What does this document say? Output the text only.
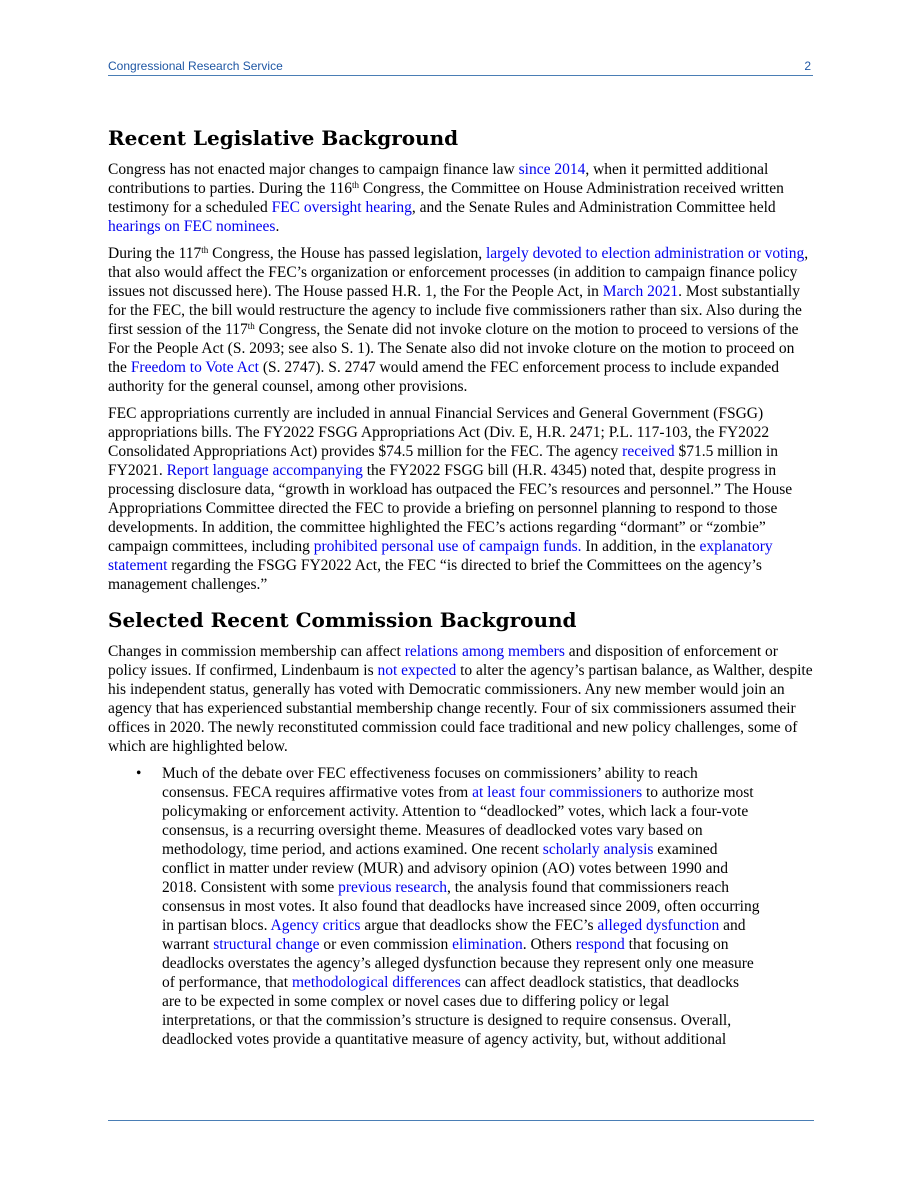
Congressional Research Service	2
Recent Legislative Background

Congress has not enacted major changes to campaign finance law since 2014, when it permitted additional contributions to parties. During the 116th Congress, the Committee on House Administration received written testimony for a scheduled FEC oversight hearing, and the Senate Rules and Administration Committee held hearings on FEC nominees.

During the 117th Congress, the House has passed legislation, largely devoted to election administration or voting, that also would affect the FEC’s organization or enforcement processes (in addition to campaign finance policy issues not discussed here). The House passed H.R. 1, the For the People Act, in March 2021. Most substantially for the FEC, the bill would restructure the agency to include five commissioners rather than six. Also during the first session of the 117th Congress, the Senate did not invoke cloture on the motion to proceed to versions of the For the People Act (S. 2093; see also S. 1). The Senate also did not invoke cloture on the motion to proceed on the Freedom to Vote Act (S. 2747). S. 2747 would amend the FEC enforcement process to include expanded authority for the general counsel, among other provisions.

FEC appropriations currently are included in annual Financial Services and General Government (FSGG) appropriations bills. The FY2022 FSGG Appropriations Act (Div. E, H.R. 2471; P.L. 117-103, the FY2022 Consolidated Appropriations Act) provides $74.5 million for the FEC. The agency received $71.5 million in FY2021. Report language accompanying the FY2022 FSGG bill (H.R. 4345) noted that, despite progress in processing disclosure data, “growth in workload has outpaced the FEC’s resources and personnel.” The House Appropriations Committee directed the FEC to provide a briefing on personnel planning to respond to those developments. In addition, the committee highlighted the FEC’s actions regarding “dormant” or “zombie” campaign committees, including prohibited personal use of campaign funds. In addition, in the explanatory statement regarding the FSGG FY2022 Act, the FEC “is directed to brief the Committees on the agency’s management challenges.”

Selected Recent Commission Background

Changes in commission membership can affect relations among members and disposition of enforcement or policy issues. If confirmed, Lindenbaum is not expected to alter the agency’s partisan balance, as Walther, despite his independent status, generally has voted with Democratic commissioners. Any new member would join an agency that has experienced substantial membership change recently. Four of six commissioners assumed their offices in 2020. The newly reconstituted commission could face traditional and new policy challenges, some of which are highlighted below.

• Much of the debate over FEC effectiveness focuses on commissioners’ ability to reach consensus. FECA requires affirmative votes from at least four commissioners to authorize most policymaking or enforcement activity. Attention to “deadlocked” votes, which lack a four-vote consensus, is a recurring oversight theme. Measures of deadlocked votes vary based on methodology, time period, and actions examined. One recent scholarly analysis examined conflict in matter under review (MUR) and advisory opinion (AO) votes between 1990 and 2018. Consistent with some previous research, the analysis found that commissioners reach consensus in most votes. It also found that deadlocks have increased since 2009, often occurring in partisan blocs. Agency critics argue that deadlocks show the FEC’s alleged dysfunction and warrant structural change or even commission elimination. Others respond that focusing on deadlocks overstates the agency’s alleged dysfunction because they represent only one measure of performance, that methodological differences can affect deadlock statistics, that deadlocks are to be expected in some complex or novel cases due to differing policy or legal interpretations, or that the commission’s structure is designed to require consensus. Overall, deadlocked votes provide a quantitative measure of agency activity, but, without additional
